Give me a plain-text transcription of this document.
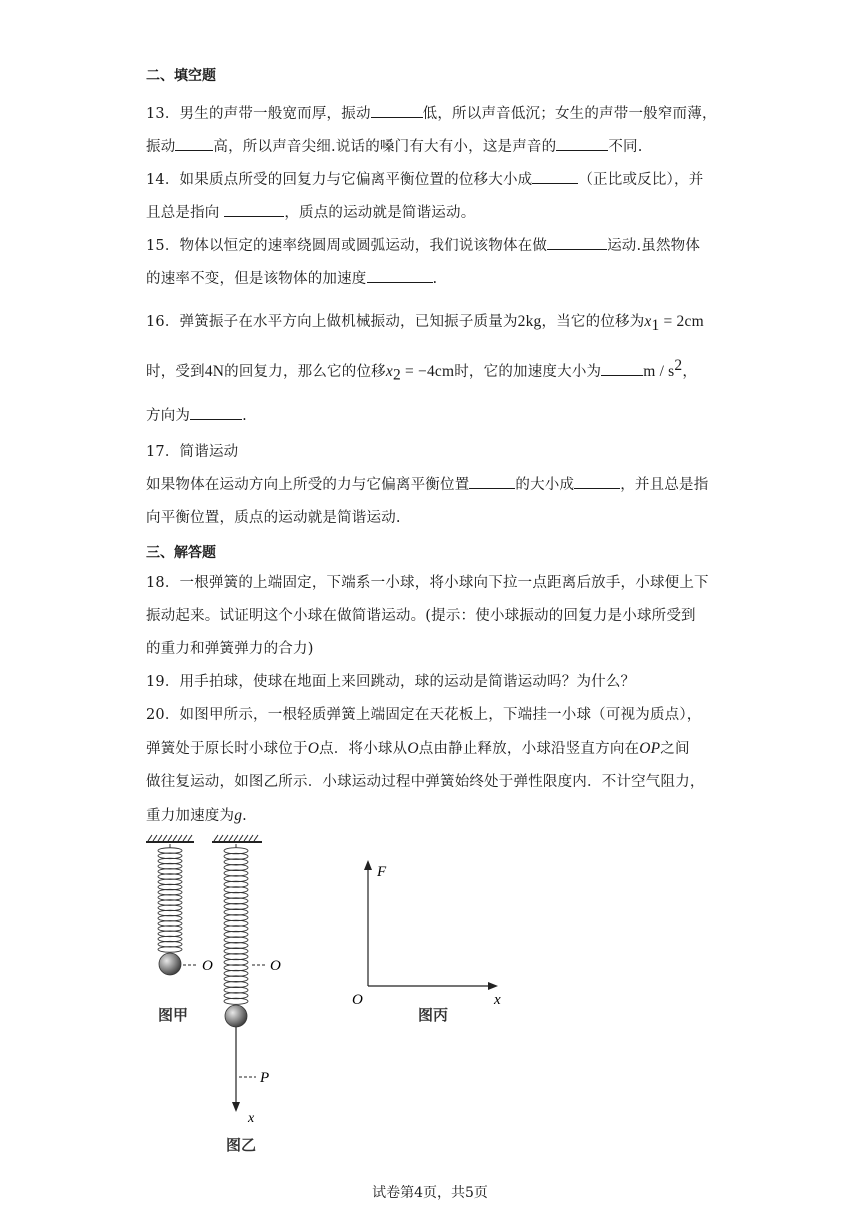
二、填空题
13．男生的声带一般宽而厚，振动	低，所以声音低沉；女生的声带一般窄而薄，
振动	高，所以声音尖细.说话的嗓门有大有小，这是声音的	不同.
14．如果质点所受的回复力与它偏离平衡位置的位移大小成	（正比或反比），并
且总是指向	，质点的运动就是简谐运动。
15．物体以恒定的速率绕圆周或圆弧运动，我们说该物体在做	运动.虽然物体
的速率不变，但是该物体的加速度	.
16．弹簧振子在水平方向上做机械振动，已知振子质量为2kg，当它的位移为$x_1 = 2cm$
时，受到4N的回复力，那么它的位移$x_2 = -4cm$时，它的加速度大小为	m / $s^2$，
方向为	.
17．简谐运动
如果物体在运动方向上所受的力与它偏离平衡位置	的大小成	，并且总是指
向平衡位置，质点的运动就是简谐运动.
三、解答题
18．一根弹簧的上端固定，下端系一小球，将小球向下拉一点距离后放手，小球便上下
振动起来。试证明这个小球在做简谐运动。(提示：使小球振动的回复力是小球所受到
的重力和弹簧弹力的合力)
19．用手拍球，使球在地面上来回跳动，球的运动是简谐运动吗？为什么？
20．如图甲所示，一根轻质弹簧上端固定在天花板上，下端挂一小球（可视为质点），
弹簧处于原长时小球位于O点．将小球从O点由静止释放，小球沿竖直方向在OP之间
做往复运动，如图乙所示．小球运动过程中弹簧始终处于弹性限度内．不计空气阻力，
重力加速度为g.
O
图甲
O
P
x
图乙
F
O	x
图丙
试卷第4页，共5页
